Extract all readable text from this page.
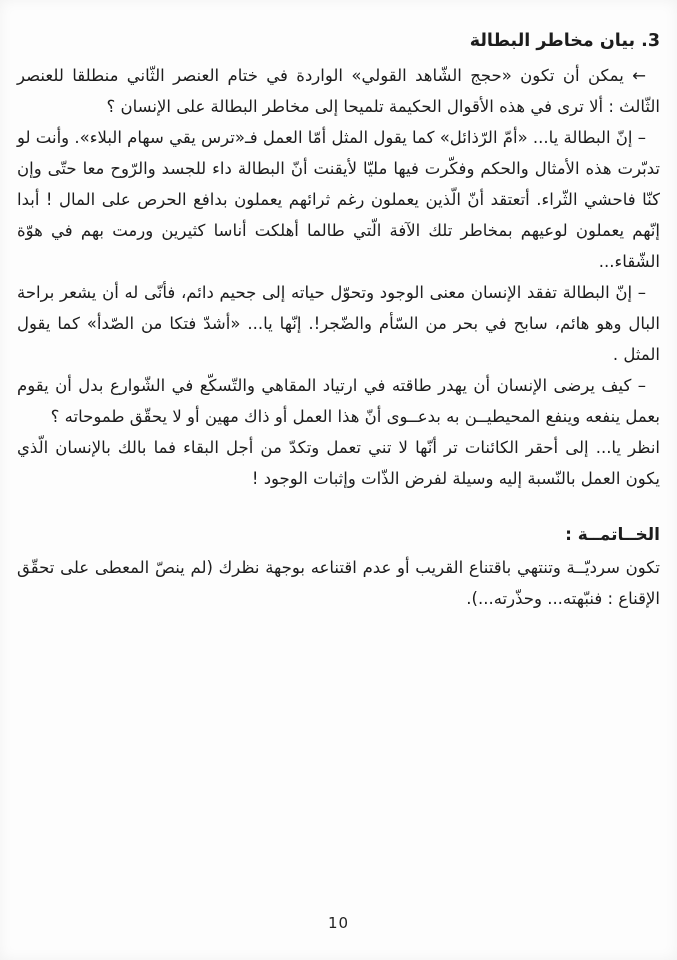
3. بيان مخاطر البطالة

← يمكن أن تكون «حجج الشّاهد القولي» الواردة في ختام العنصر الثّاني منطلقا للعنصر الثّالث : ألا ترى في هذه الأقوال الحكيمة تلميحا إلى مخاطر البطالة على الإنسان ؟

– إنّ البطالة يا... «أمّ الرّذائل» كما يقول المثل أمّا العمل فـ«ترس يقي سهام البلاء». وأنت لو تدبّرت هذه الأمثال والحكم وفكّرت فيها مليّا لأيقنت أنّ البطالة داء للجسد والرّوح معا حتّى وإن كنّا فاحشي الثّراء. أتعتقد أنّ الّذين يعملون رغم ثرائهم يعملون بدافع الحرص على المال ! أبدا إنّهم يعملون لوعيهم بمخاطر تلك الآفة الّتي طالما أهلكت أناسا كثيرين ورمت بهم في هوّة الشّقاء...

– إنّ البطالة تفقد الإنسان معنى الوجود وتحوّل حياته إلى جحيم دائم، فأنّى له أن يشعر براحة البال وهو هائم، سابح في بحر من السّأم والضّجر!. إنّها يا... «أشدّ فتكا من الصّدأ» كما يقول المثل .

– كيف يرضى الإنسان أن يهدر طاقته في ارتياد المقاهي والتّسكّع في الشّوارع بدل أن يقوم بعمل ينفعه وينفع المحيطيــن به بدعــوى أنّ هذا العمل أو ذاك مهين أو لا يحقّق طموحاته ؟

انظر يا... إلى أحقر الكائنات تر أنّها لا تني تعمل وتكدّ من أجل البقاء فما بالك بالإنسان الّذي يكون العمل بالنّسبة إليه وسيلة لفرض الذّات وإثبات الوجود !

الخــاتمــة :

تكون سرديّــة وتنتهي باقتناع القريب أو عدم اقتناعه بوجهة نظرك (لم ينصّ المعطى على تحقّق الإقناع : فنبّهته... وحذّرته...).

10
